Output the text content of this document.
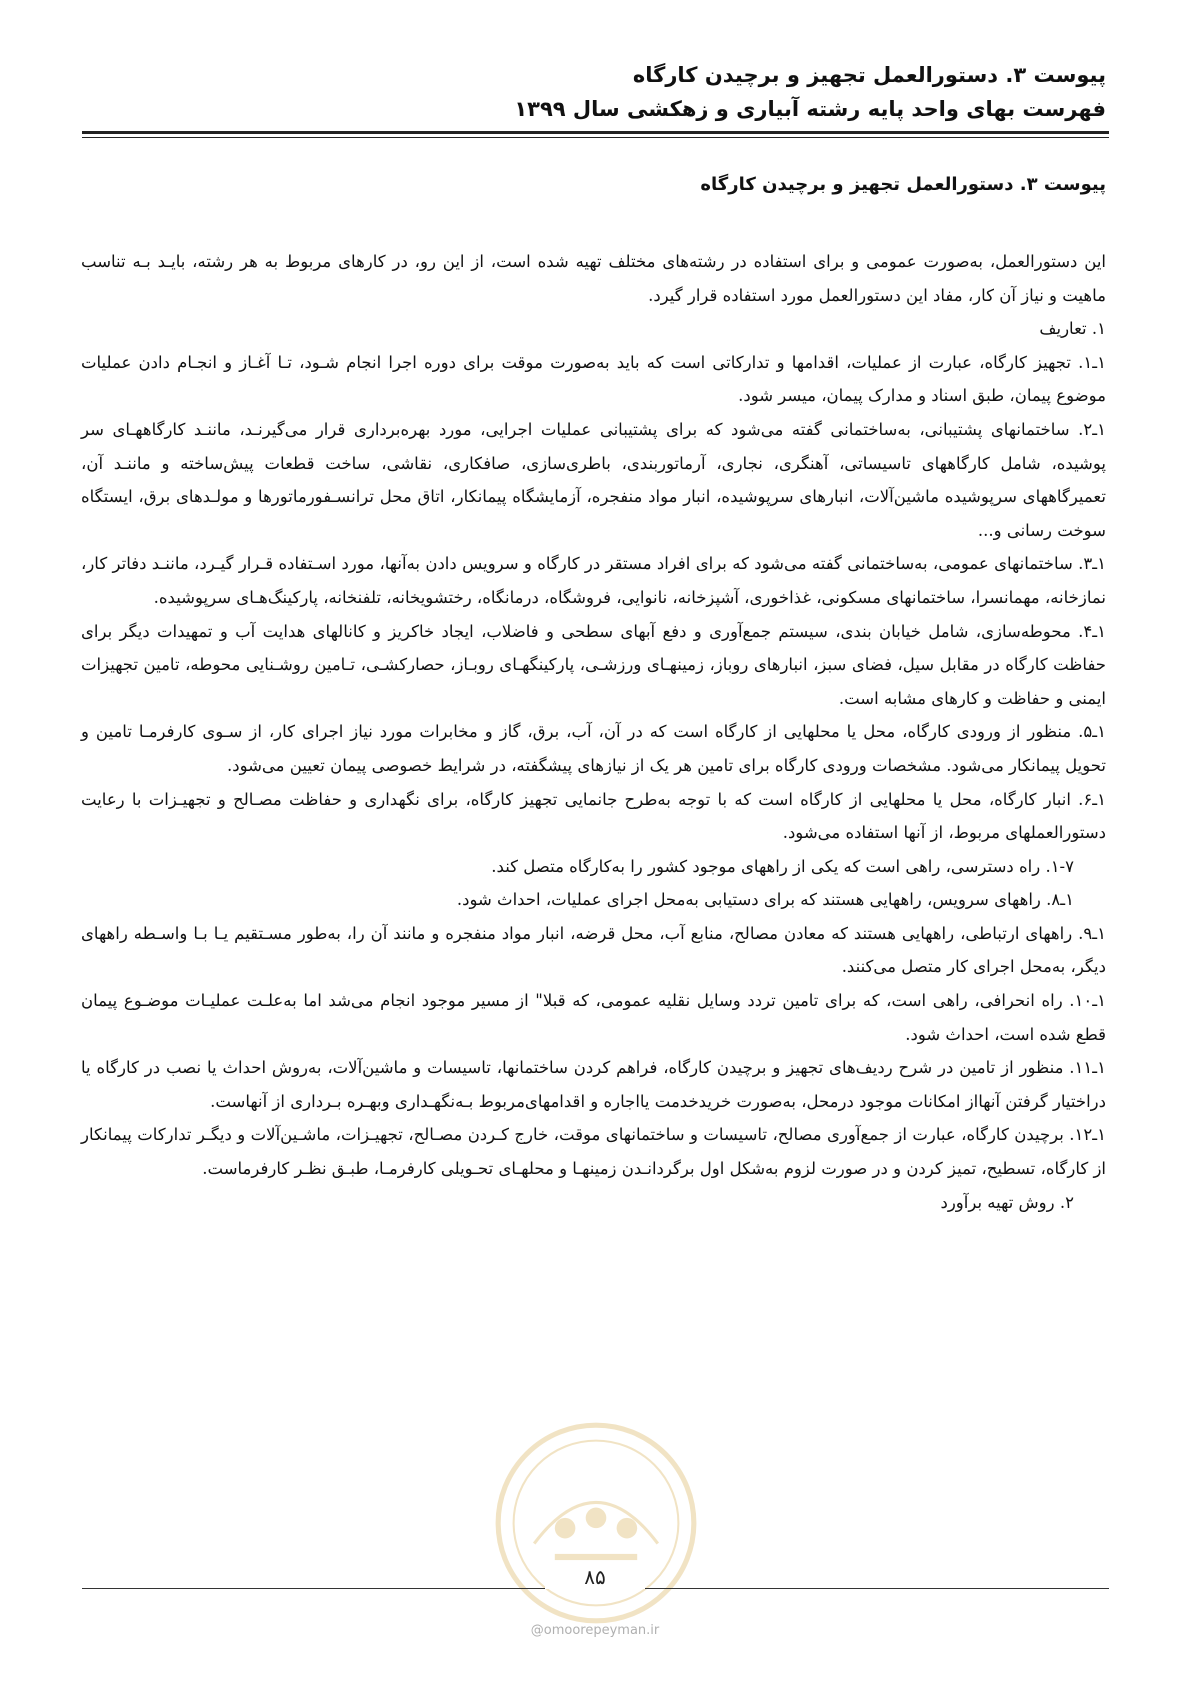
پیوست ۳. دستورالعمل تجهیز و برچیدن کارگاه
فهرست بهای واحد پایه رشته آبیاری و زهکشی سال ۱۳۹۹
پیوست ۳. دستورالعمل تجهیز و برچیدن کارگاه

این دستورالعمل، به‌صورت عمومی و برای استفاده در رشته‌های مختلف تهیه شده است، از این رو، در کارهای مربوط به هر رشته، بایـد بـه تناسب ماهیت و نیاز آن کار، مفاد این دستورالعمل مورد استفاده قرار گیرد.

۱. تعاریف

۱ـ۱. تجهیز کارگاه، عبارت از عملیات، اقدامها و تدارکاتی است که باید به‌صورت موقت برای دوره اجرا انجام شـود، تـا آغـاز و انجـام دادن عملیات موضوع پیمان، طبق اسناد و مدارک پیمان، میسر شود.

۱ـ۲. ساختمانهای پشتیبانی، به‌ساختمانی گفته می‌شود که برای پشتیبانی عملیات اجرایی، مورد بهره‌برداری قرار می‌گیرنـد، ماننـد کارگاههـای سر پوشیده، شامل کارگاههای تاسیساتی، آهنگری، نجاری، آرماتوربندی، باطری‌سازی، صافکاری، نقاشی، ساخت قطعات پیش‌ساخته و ماننـد آن، تعمیرگاههای سرپوشیده ماشین‌آلات، انبارهای سرپوشیده، انبار مواد منفجره، آزمایشگاه پیمانکار، اتاق محل ترانسـفورماتورها و مولـدهای برق، ایستگاه سوخت رسانی و...

۱ـ۳. ساختمانهای عمومی، به‌ساختمانی گفته می‌شود که برای افراد مستقر در کارگاه و سرویس دادن به‌آنها، مورد اسـتفاده قـرار گیـرد، ماننـد دفاتر کار، نمازخانه، مهمانسرا، ساختمانهای مسکونی، غذاخوری، آشپزخانه، نانوایی، فروشگاه، درمانگاه، رختشویخانه، تلفنخانه، پارکینگ‌هـای سرپوشیده.

۱ـ۴. محوطه‌سازی، شامل خیابان بندی، سیستم جمع‌آوری و دفع آبهای سطحی و فاضلاب، ایجاد خاکریز و کانالهای هدایت آب و تمهیدات دیگر برای حفاظت کارگاه در مقابل سیل، فضای سبز، انبارهای روباز، زمینهـای ورزشـی، پارکینگهـای روبـاز، حصارکشـی، تـامین روشـنایی محوطه، تامین تجهیزات ایمنی و حفاظت و کارهای مشابه است.

۱ـ۵. منظور از ورودی کارگاه، محل یا محلهایی از کارگاه است که در آن، آب، برق، گاز و مخابرات مورد نیاز اجرای کار، از سـوی کارفرمـا تامین و تحویل پیمانکار می‌شود. مشخصات ورودی کارگاه برای تامین هر یک از نیازهای پیشگفته، در شرایط خصوصی پیمان تعیین می‌شود.

۱ـ۶. انبار کارگاه، محل یا محلهایی از کارگاه است که با توجه به‌طرح جانمایی تجهیز کارگاه، برای نگهداری و حفاظت مصـالح و تجهیـزات با رعایت دستورالعملهای مربوط، از آنها استفاده می‌شود.

۱-۷. راه دسترسی، راهی است که یکی از راههای موجود کشور را به‌کارگاه متصل کند.

۱ـ۸. راههای سرویس، راههایی هستند که برای دستیابی به‌محل اجرای عملیات، احداث شود.

۱ـ۹. راههای ارتباطی، راههایی هستند که معادن مصالح، منابع آب، محل قرضه، انبار مواد منفجره و مانند آن را، به‌طور مسـتقیم یـا بـا واسـطه راههای دیگر، به‌محل اجرای کار متصل می‌کنند.

۱ـ۱۰. راه انحرافی، راهی است، که برای تامین تردد وسایل نقلیه عمومی، که قبلا" از مسیر موجود انجام می‌شد اما به‌علـت عملیـات موضـوع پیمان قطع شده است، احداث شود.

۱ـ۱۱. منظور از تامین در شرح ردیف‌های تجهیز و برچیدن کارگاه، فراهم کردن ساختمانها، تاسیسات و ماشین‌آلات، به‌روش احداث یا نصب در کارگاه یا دراختیار گرفتن آنهااز امکانات موجود درمحل، به‌صورت خریدخدمت یااجاره و اقدامهای‌مربوط بـه‌نگهـداری وبهـره بـرداری از آنهاست.

۱ـ۱۲. برچیدن کارگاه، عبارت از جمع‌آوری مصالح، تاسیسات و ساختمانهای موقت، خارج کـردن مصـالح، تجهیـزات، ماشـین‌آلات و دیگـر تدارکات پیمانکار از کارگاه، تسطیح، تمیز کردن و در صورت لزوم به‌شکل اول برگردانـدن زمینهـا و محلهـای تحـویلی کارفرمـا، طبـق نظـر کارفرماست.

۲. روش تهیه برآورد

۸۵
@omoorepeyman.ir
